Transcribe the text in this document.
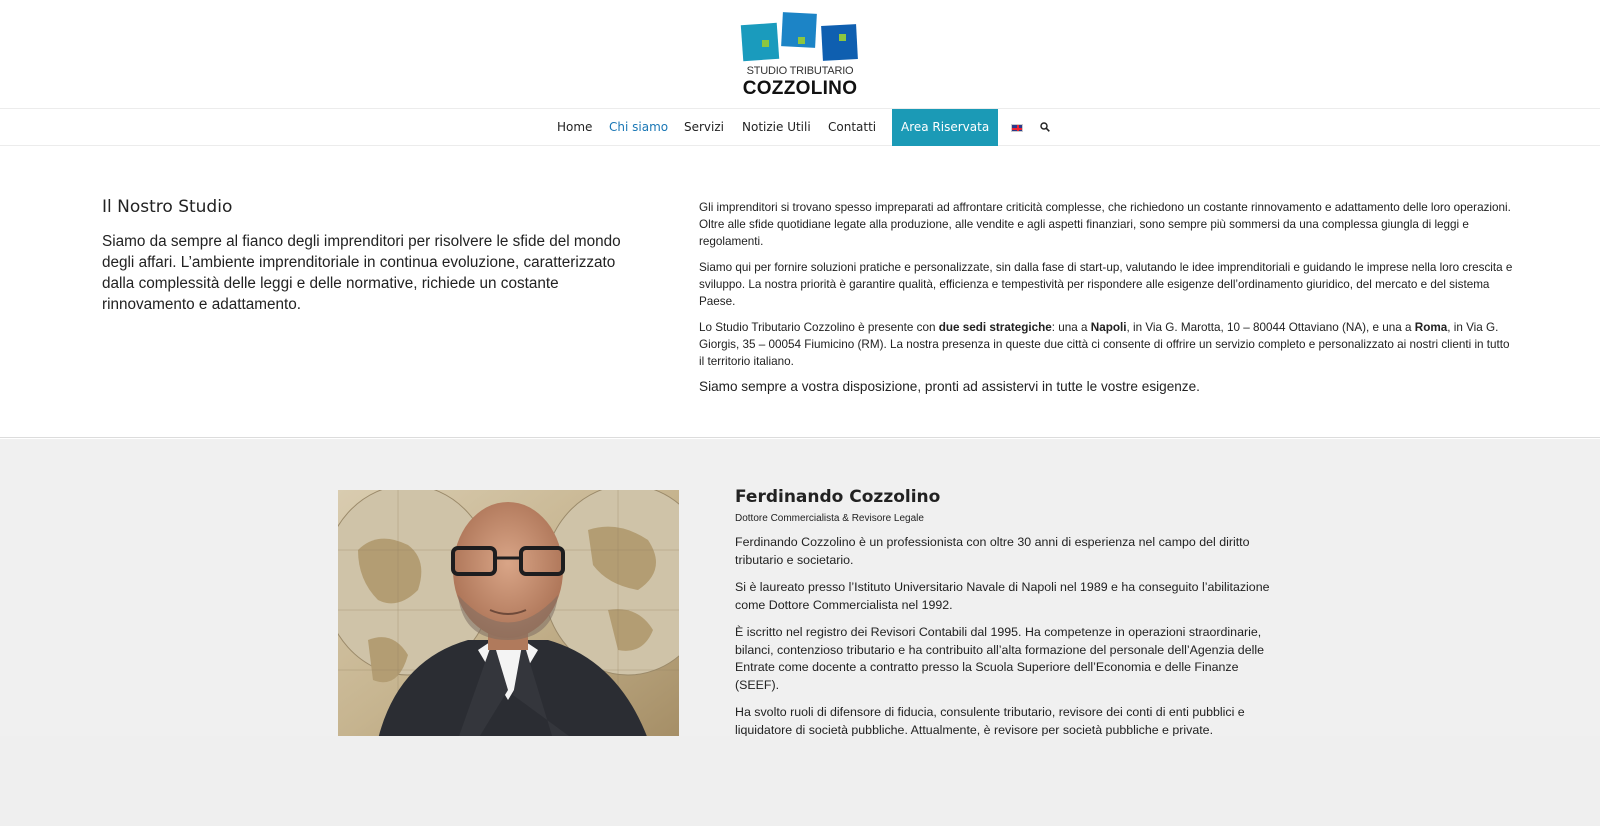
STUDIO TRIBUTARIO
COZZOLINO
Home Chi siamo Servizi Notizie Utili Contatti	Area Riservata
Il Nostro Studio

Siamo da sempre al fianco degli imprenditori per risolvere le sfide del mondo degli affari. L’ambiente imprenditoriale in continua evoluzione, caratterizzato dalla complessità delle leggi e delle normative, richiede un costante rinnovamento e adattamento.

Gli imprenditori si trovano spesso impreparati ad affrontare criticità complesse, che richiedono un costante rinnovamento e adattamento delle loro operazioni. Oltre alle sfide quotidiane legate alla produzione, alle vendite e agli aspetti finanziari, sono sempre più sommersi da una complessa giungla di leggi e regolamenti.

Siamo qui per fornire soluzioni pratiche e personalizzate, sin dalla fase di start-up, valutando le idee imprenditoriali e guidando le imprese nella loro crescita e sviluppo. La nostra priorità è garantire qualità, efficienza e tempestività per rispondere alle esigenze dell’ordinamento giuridico, del mercato e del sistema Paese.

Lo Studio Tributario Cozzolino è presente con due sedi strategiche: una a Napoli, in Via G. Marotta, 10 – 80044 Ottaviano (NA), e una a Roma, in Via G. Giorgis, 35 – 00054 Fiumicino (RM). La nostra presenza in queste due città ci consente di offrire un servizio completo e personalizzato ai nostri clienti in tutto il territorio italiano.

Siamo sempre a vostra disposizione, pronti ad assistervi in tutte le vostre esigenze.

Ferdinando Cozzolino
Dottore Commercialista & Revisore Legale

Ferdinando Cozzolino è un professionista con oltre 30 anni di esperienza nel campo del diritto tributario e societario.

Si è laureato presso l’Istituto Universitario Navale di Napoli nel 1989 e ha conseguito l’abilitazione come Dottore Commercialista nel 1992.

È iscritto nel registro dei Revisori Contabili dal 1995. Ha competenze in operazioni straordinarie, bilanci, contenzioso tributario e ha contribuito all’alta formazione del personale dell’Agenzia delle Entrate come docente a contratto presso la Scuola Superiore dell’Economia e delle Finanze (SEEF).

Ha svolto ruoli di difensore di fiducia, consulente tributario, revisore dei conti di enti pubblici e liquidatore di società pubbliche. Attualmente, è revisore per società pubbliche e private.
